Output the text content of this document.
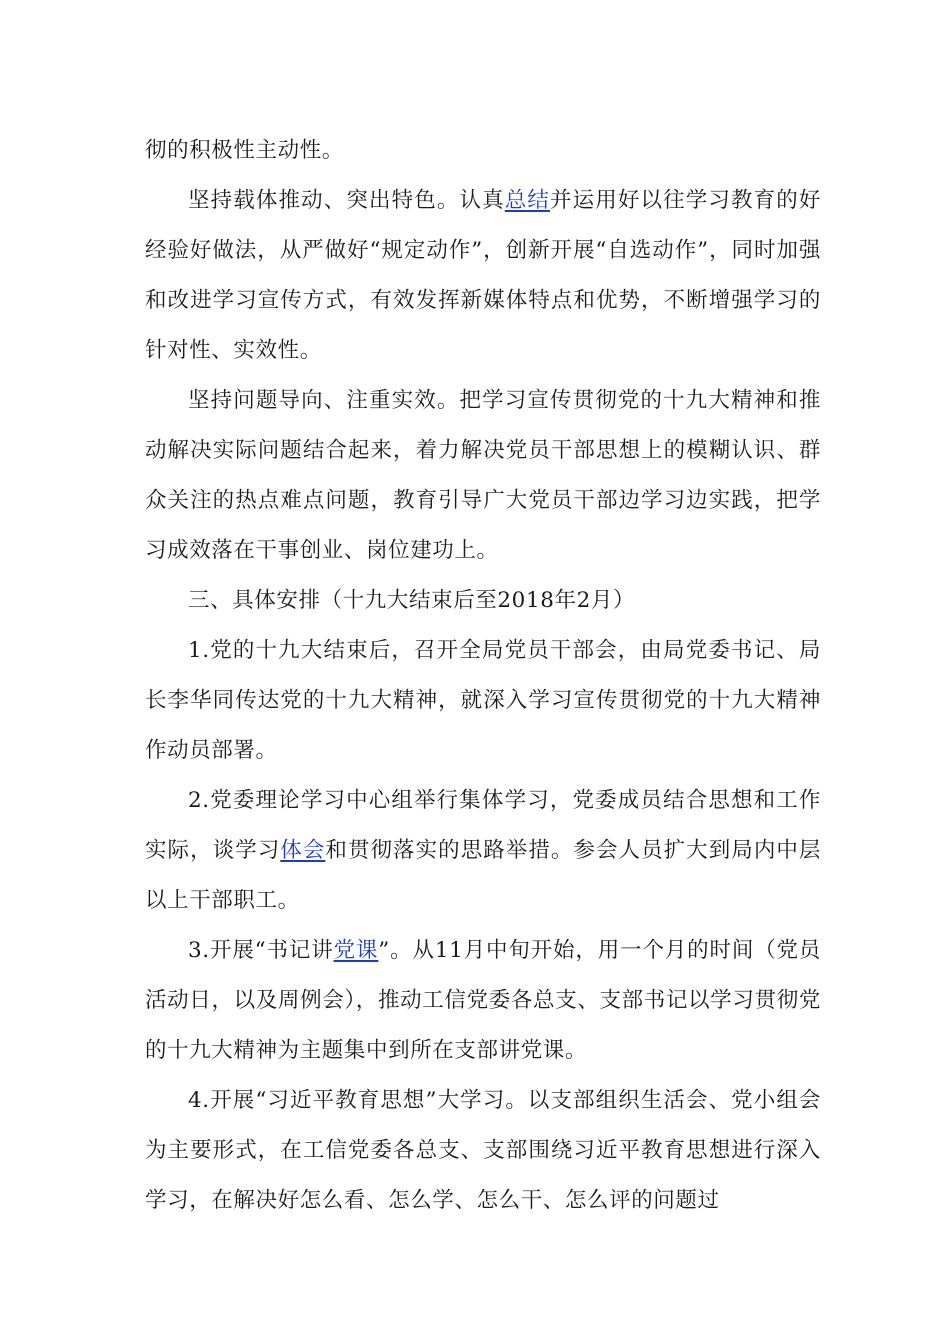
彻的积极性主动性。

坚持载体推动、突出特色。认真总结并运用好以往学习教育的好经验好做法，从严做好“规定动作”，创新开展“自选动作”，同时加强和改进学习宣传方式，有效发挥新媒体特点和优势，不断增强学习的针对性、实效性。

坚持问题导向、注重实效。把学习宣传贯彻党的十九大精神和推动解决实际问题结合起来，着力解决党员干部思想上的模糊认识、群众关注的热点难点问题，教育引导广大党员干部边学习边实践，把学习成效落在干事创业、岗位建功上。

三、具体安排（十九大结束后至2018年2月）

1.党的十九大结束后，召开全局党员干部会，由局党委书记、局长李华同传达党的十九大精神，就深入学习宣传贯彻党的十九大精神作动员部署。

2.党委理论学习中心组举行集体学习，党委成员结合思想和工作实际，谈学习体会和贯彻落实的思路举措。参会人员扩大到局内中层以上干部职工。

3.开展“书记讲党课”。从11月中旬开始，用一个月的时间（党员活动日，以及周例会），推动工信党委各总支、支部书记以学习贯彻党的十九大精神为主题集中到所在支部讲党课。

4.开展“习近平教育思想”大学习。以支部组织生活会、党小组会为主要形式，在工信党委各总支、支部围绕习近平教育思想进行深入学习，在解决好怎么看、怎么学、怎么干、怎么评的问题过
